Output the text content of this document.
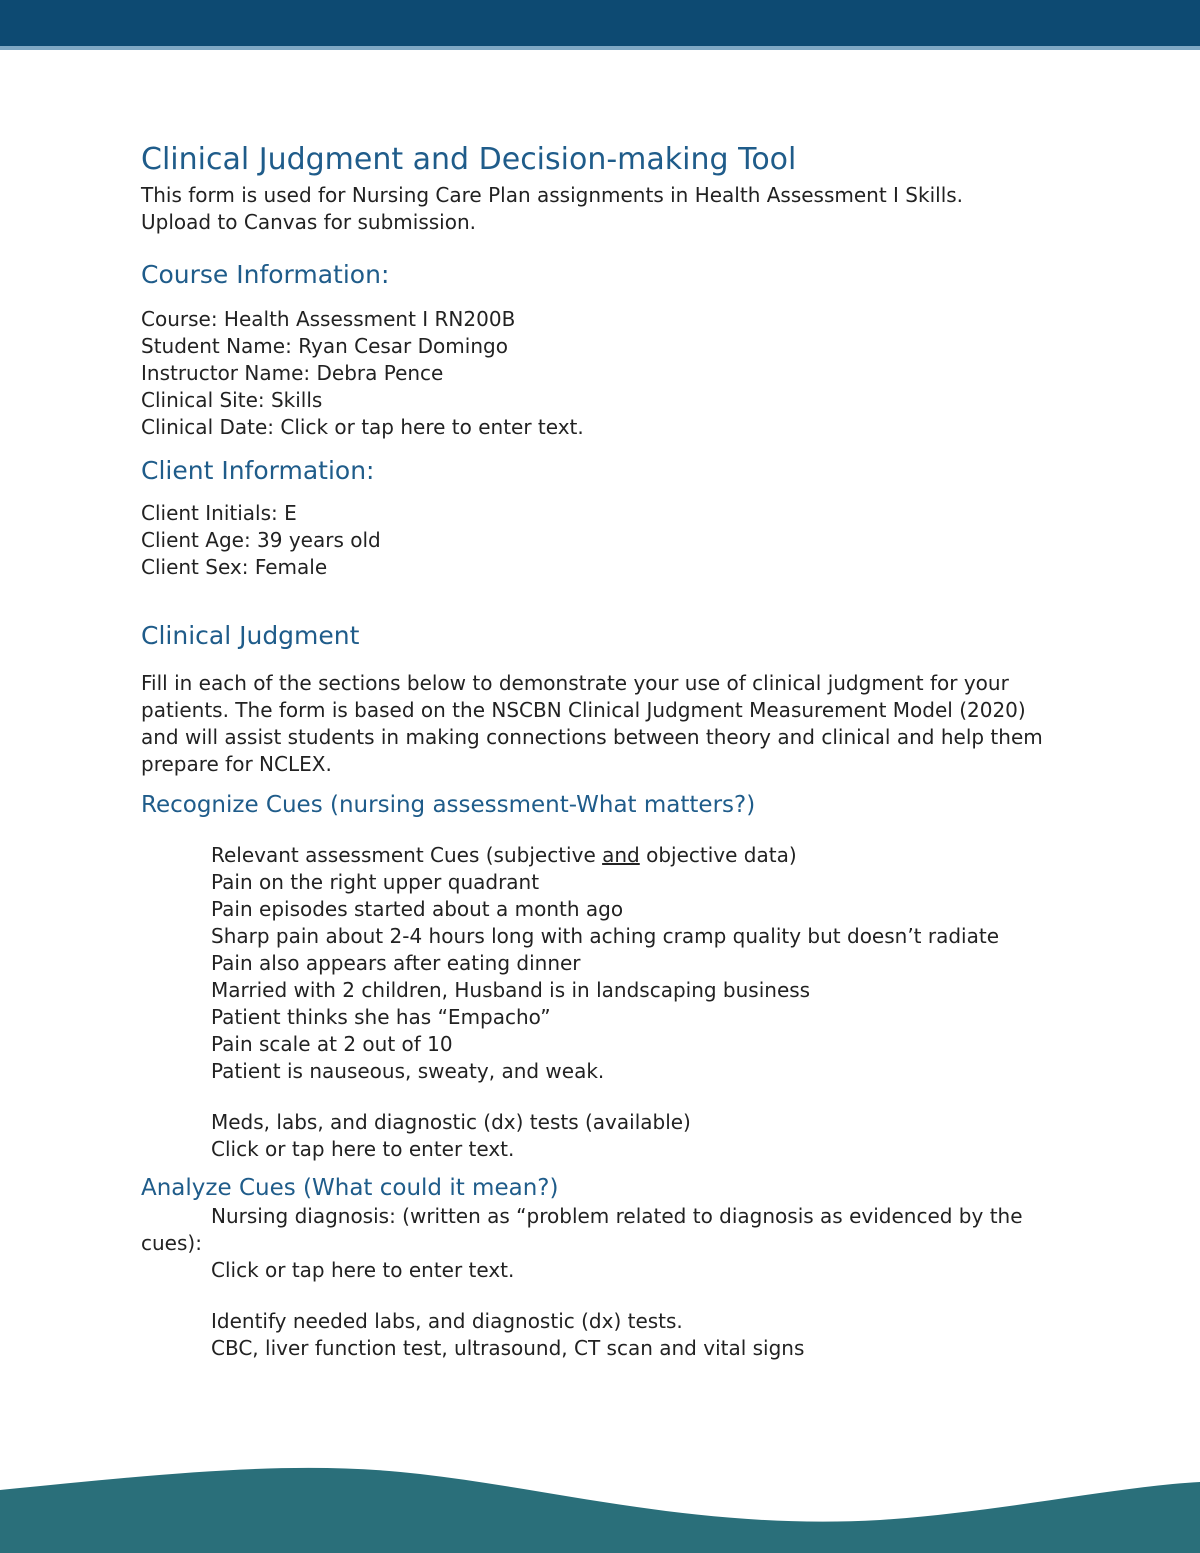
Clinical Judgment and Decision-making Tool

This form is used for Nursing Care Plan assignments in Health Assessment I Skills.

Upload to Canvas for submission.

Course Information:

Course: Health Assessment I RN200B

Student Name: Ryan Cesar Domingo

Instructor Name: Debra Pence

Clinical Site: Skills

Clinical Date: Click or tap here to enter text.

Client Information:

Client Initials: E

Client Age: 39 years old

Client Sex: Female

Clinical Judgment

Fill in each of the sections below to demonstrate your use of clinical judgment for your patients. The form is based on the NSCBN Clinical Judgment Measurement Model (2020) and will assist students in making connections between theory and clinical and help them prepare for NCLEX.

Recognize Cues (nursing assessment-What matters?)

Relevant assessment Cues (subjective and objective data)

Pain on the right upper quadrant

Pain episodes started about a month ago

Sharp pain about 2-4 hours long with aching cramp quality but doesn’t radiate

Pain also appears after eating dinner

Married with 2 children, Husband is in landscaping business

Patient thinks she has “Empacho”

Pain scale at 2 out of 10

Patient is nauseous, sweaty, and weak.

Meds, labs, and diagnostic (dx) tests (available)

Click or tap here to enter text.

Analyze Cues (What could it mean?)

Nursing diagnosis: (written as “problem related to diagnosis as evidenced by the cues):

Click or tap here to enter text.

Identify needed labs, and diagnostic (dx) tests.

CBC, liver function test, ultrasound, CT scan and vital signs
